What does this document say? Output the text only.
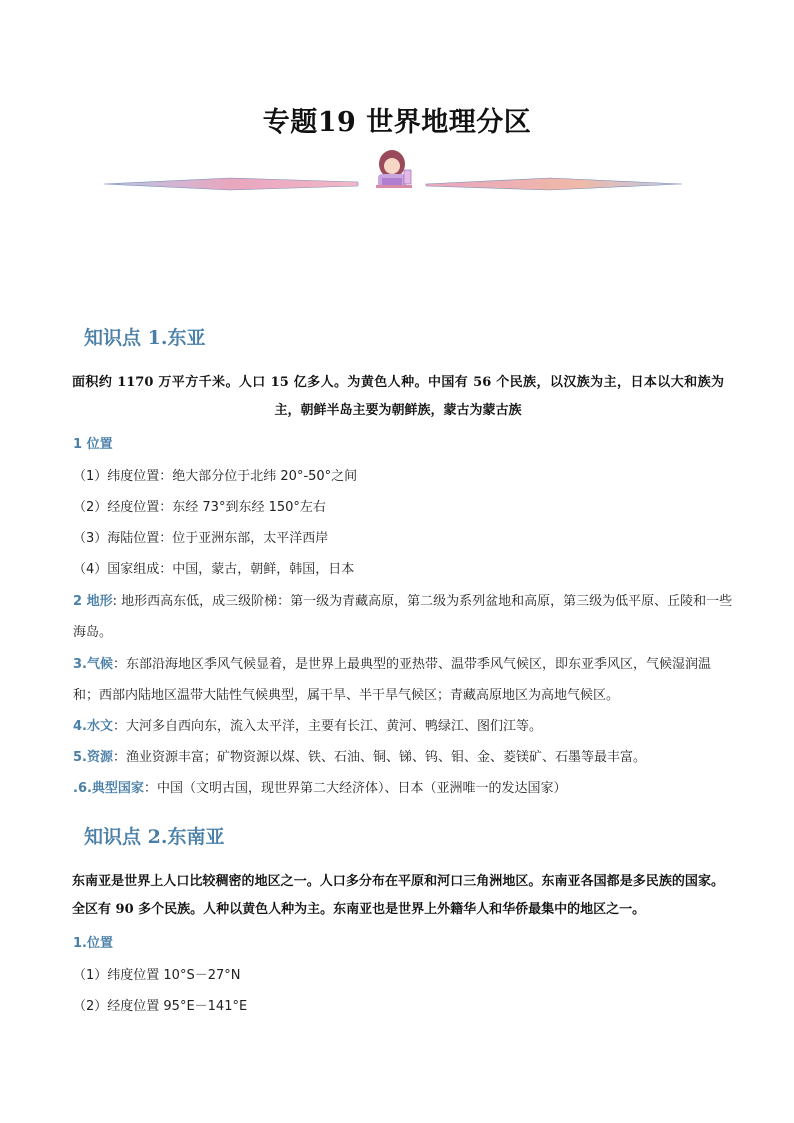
专题19 世界地理分区
知识点 1.东亚
面积约 1170 万平方千米。人口 15 亿多人。为黄色人种。中国有 56 个民族，以汉族为主，日本以大和族为主，朝鲜半岛主要为朝鲜族，蒙古为蒙古族
1 位置
（1）纬度位置：绝大部分位于北纬 20°-50°之间
（2）经度位置：东经 73°到东经 150°左右
（3）海陆位置：位于亚洲东部，太平洋西岸
（4）国家组成：中国，蒙古，朝鲜，韩国，日本
2 地形: 地形西高东低，成三级阶梯：第一级为青藏高原，第二级为系列盆地和高原，第三级为低平原、丘陵和一些海岛。
3.气候：东部沿海地区季风气候显着，是世界上最典型的亚热带、温带季风气候区，即东亚季风区，气候湿润温和；西部内陆地区温带大陆性气候典型，属干旱、半干旱气候区；青藏高原地区为高地气候区。
4.水文：大河多自西向东，流入太平洋，主要有长江、黄河、鸭绿江、图们江等。
5.资源：渔业资源丰富；矿物资源以煤、铁、石油、铜、锑、钨、钼、金、菱镁矿、石墨等最丰富。
.6.典型国家：中国（文明古国，现世界第二大经济体）、日本（亚洲唯一的发达国家）
知识点 2.东南亚
东南亚是世界上人口比较稠密的地区之一。人口多分布在平原和河口三角洲地区。东南亚各国都是多民族的国家。全区有 90 多个民族。人种以黄色人种为主。东南亚也是世界上外籍华人和华侨最集中的地区之一。
1.位置
（1）纬度位置 10°S－27°N
（2）经度位置 95°E－141°E
